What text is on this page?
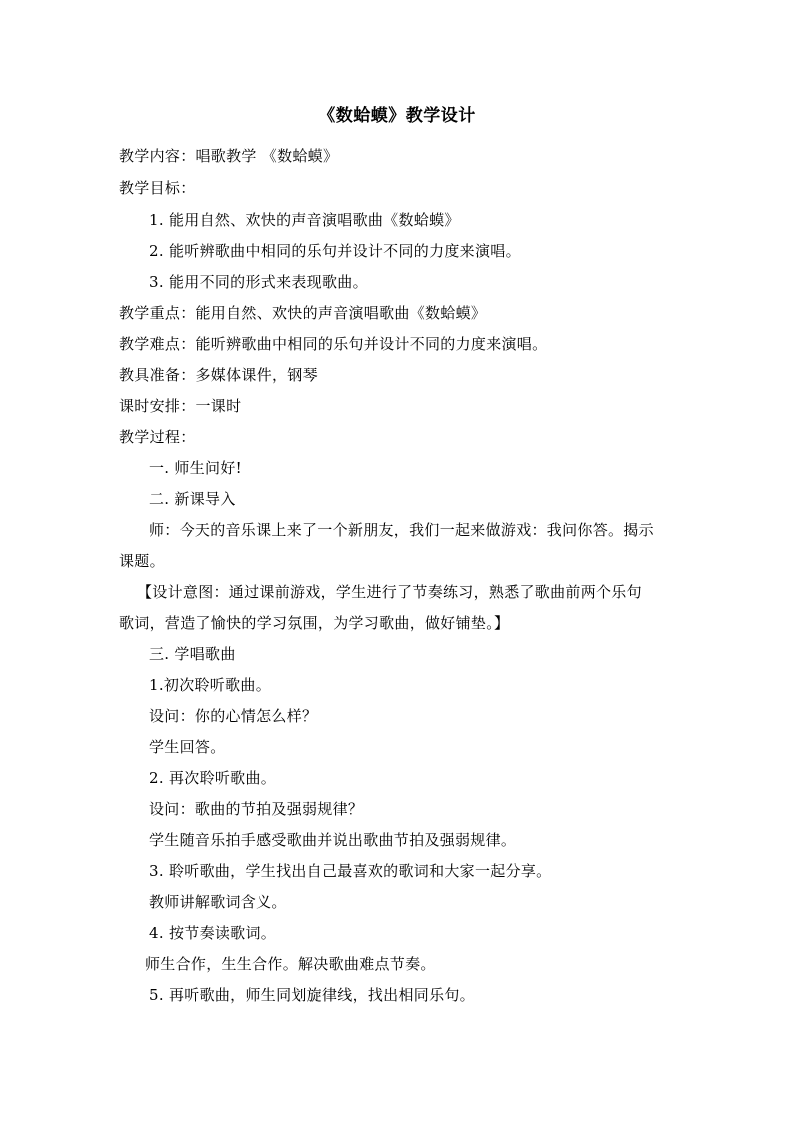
《数蛤蟆》教学设计
教学内容：唱歌教学 《数蛤蟆》
教学目标：
1. 能用自然、欢快的声音演唱歌曲《数蛤蟆》
2. 能听辨歌曲中相同的乐句并设计不同的力度来演唱。
3. 能用不同的形式来表现歌曲。
教学重点：能用自然、欢快的声音演唱歌曲《数蛤蟆》
教学难点：能听辨歌曲中相同的乐句并设计不同的力度来演唱。
教具准备：多媒体课件，钢琴
课时安排：一课时
教学过程：
一. 师生问好!
二. 新课导入
师：今天的音乐课上来了一个新朋友，我们一起来做游戏：我问你答。揭示
课题。
【设计意图：通过课前游戏，学生进行了节奏练习，熟悉了歌曲前两个乐句
歌词，营造了愉快的学习氛围，为学习歌曲，做好铺垫。】
三. 学唱歌曲
1.初次聆听歌曲。
设问：你的心情怎么样？
学生回答。
2. 再次聆听歌曲。
设问：歌曲的节拍及强弱规律？
学生随音乐拍手感受歌曲并说出歌曲节拍及强弱规律。
3. 聆听歌曲，学生找出自己最喜欢的歌词和大家一起分享。
教师讲解歌词含义。
4. 按节奏读歌词。
师生合作，生生合作。解决歌曲难点节奏。
5. 再听歌曲，师生同划旋律线，找出相同乐句。
